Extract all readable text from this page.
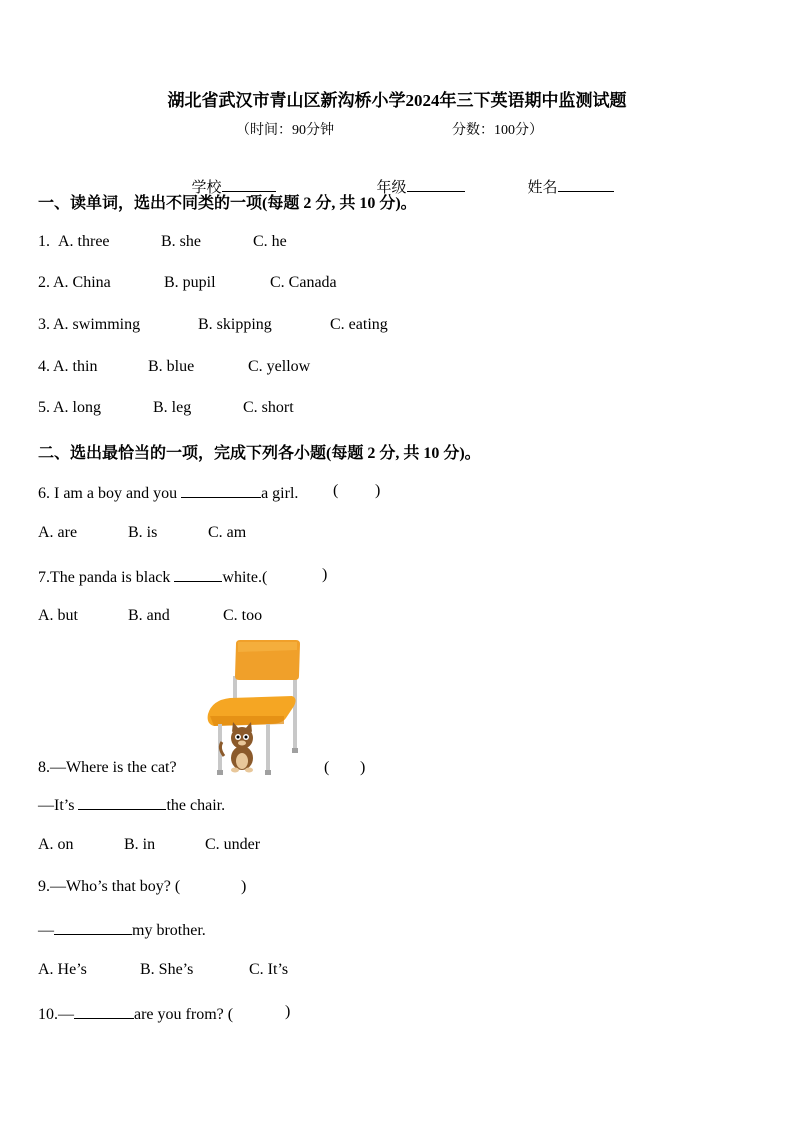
湖北省武汉市青山区新沟桥小学2024年三下英语期中监测试题
（时间：90分钟	分数：100分）

学校	年级	姓名

一、读单词，选出不同类的一项(每题 2 分, 共 10 分)。
1. A. three	B. she	C. he
2. A. China	B. pupil	C. Canada
3. A. swimming	B. skipping	C. eating
4. A. thin	B. blue	C. yellow
5. A. long	B. leg	C. short
二、选出最恰当的一项，完成下列各小题(每题 2 分, 共 10 分)。
6. I am a boy and you	a girl. ( )
A. are	B. is	C. am
7.The panda is black	white.(	)
A. but	B. and	C. too
8.—Where is the cat?	( )
—It’s	the chair.
A. on	B. in	C. under
9.—Who’s that boy? (	)
—	my brother.
A. He’s	B. She’s	C. It’s
10.—	are you from? (	)
